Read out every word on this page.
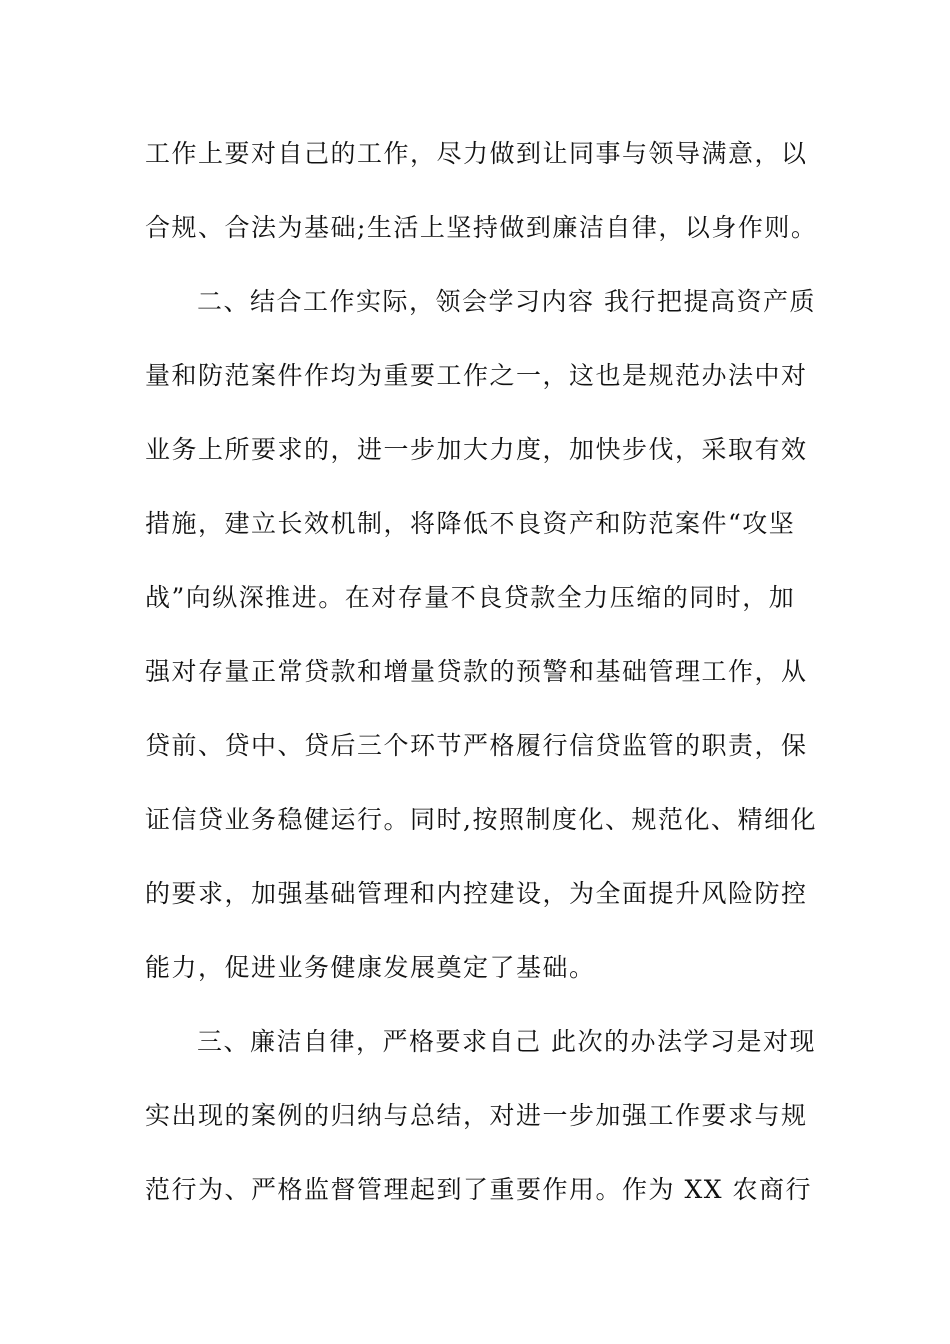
工作上要对自己的工作，尽力做到让同事与领导满意，以
合规、合法为基础;生活上坚持做到廉洁自律，以身作则。
二、结合工作实际，领会学习内容 我行把提高资产质
量和防范案件作均为重要工作之一，这也是规范办法中对
业务上所要求的，进一步加大力度，加快步伐，采取有效
措施，建立长效机制，将降低不良资产和防范案件“攻坚
战”向纵深推进。在对存量不良贷款全力压缩的同时，加
强对存量正常贷款和增量贷款的预警和基础管理工作，从
贷前、贷中、贷后三个环节严格履行信贷监管的职责，保
证信贷业务稳健运行。同时,按照制度化、规范化、精细化
的要求，加强基础管理和内控建设，为全面提升风险防控
能力，促进业务健康发展奠定了基础。
三、廉洁自律，严格要求自己 此次的办法学习是对现
实出现的案例的归纳与总结，对进一步加强工作要求与规
范行为、严格监督管理起到了重要作用。作为 XX 农商行
